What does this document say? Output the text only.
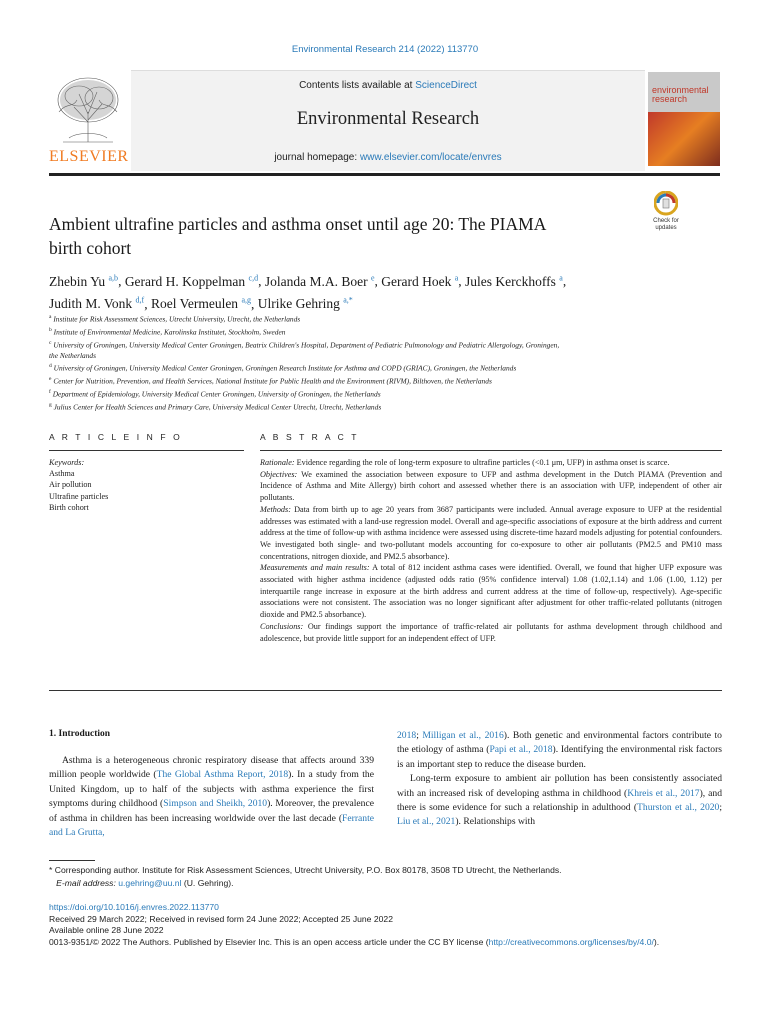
Environmental Research 214 (2022) 113770
ELSEVIER
Contents lists available at ScienceDirect
Environmental Research
journal homepage: www.elsevier.com/locate/envres
environmental
research
Ambient ultrafine particles and asthma onset until age 20: The PIAMA
birth cohort
Check for
updates
Zhebin Yu $^{a,b}$, Gerard H. Koppelman $^{c,d}$, Jolanda M.A. Boer $^e$, Gerard Hoek $^a$, Jules Kerckhoffs $^a$,
Judith M. Vonk $^{d,f}$, Roel Vermeulen $^{a,g}$, Ulrike Gehring $^{a,*}$
$^a$ Institute for Risk Assessment Sciences, Utrecht University, Utrecht, the Netherlands
$^b$ Institute of Environmental Medicine, Karolinska Institutet, Stockholm, Sweden
$^c$ University of Groningen, University Medical Center Groningen, Beatrix Children's Hospital, Department of Pediatric Pulmonology and Pediatric Allergology, Groningen,
the Netherlands
$^d$ University of Groningen, University Medical Center Groningen, Groningen Research Institute for Asthma and COPD (GRIAC), Groningen, the Netherlands
$^e$ Center for Nutrition, Prevention, and Health Services, National Institute for Public Health and the Environment (RIVM), Bilthoven, the Netherlands
$^f$ Department of Epidemiology, University Medical Center Groningen, University of Groningen, the Netherlands
$^g$ Julius Center for Health Sciences and Primary Care, University Medical Center Utrecht, Utrecht, Netherlands
A R T I C L E I N F O	A B S T R A C T
Keywords:
Asthma
Air pollution
Ultrafine particles
Birth cohort

Rationale: Evidence regarding the role of long-term exposure to ultrafine particles (<0.1 μm, UFP) in asthma onset is scarce.

Objectives: We examined the association between exposure to UFP and asthma development in the Dutch PIAMA (Prevention and Incidence of Asthma and Mite Allergy) birth cohort and assessed whether there is an association with UFP, independent of other air pollutants.

Methods: Data from birth up to age 20 years from 3687 participants were included. Annual average exposure to UFP at the residential addresses was estimated with a land-use regression model. Overall and age-specific associations of exposure at the birth address and current address at the time of follow-up with asthma incidence were assessed using discrete-time hazard models adjusting for potential confounders. We investigated both single- and two-pollutant models accounting for co-exposure to other air pollutants (PM2.5 and PM10 mass concentrations, nitrogen dioxide, and PM2.5 absorbance).

Measurements and main results: A total of 812 incident asthma cases were identified. Overall, we found that higher UFP exposure was associated with higher asthma incidence (adjusted odds ratio (95% confidence interval) 1.08 (1.02,1.14) and 1.06 (1.00, 1.12) per interquartile range increase in exposure at the birth address and current address at the time of follow-up, respectively). Age-specific associations were not consistent. The association was no longer significant after adjustment for other traffic-related pollutants (nitrogen dioxide and PM2.5 absorbance).

Conclusions: Our findings support the importance of traffic-related air pollutants for asthma development through childhood and adolescence, but provide little support for an independent effect of UFP.

1. Introduction

Asthma is a heterogeneous chronic respiratory disease that affects around 339 million people worldwide (The Global Asthma Report, 2018). In a study from the United Kingdom, up to half of the subjects with asthma experience the first symptoms during childhood (Simpson and Sheikh, 2010). Moreover, the prevalence of asthma in children has been increasing worldwide over the last decade (Ferrante and La Grutta,

2018; Milligan et al., 2016). Both genetic and environmental factors contribute to the etiology of asthma (Papi et al., 2018). Identifying the environmental risk factors is an important step to reduce the disease burden.

Long-term exposure to ambient air pollution has been consistently associated with an increased risk of developing asthma in childhood (Khreis et al., 2017), and there is some evidence for such a relationship in adulthood (Thurston et al., 2020; Liu et al., 2021). Relationships with

* Corresponding author. Institute for Risk Assessment Sciences, Utrecht University, P.O. Box 80178, 3508 TD Utrecht, the Netherlands.
E-mail address: u.gehring@uu.nl (U. Gehring).
https://doi.org/10.1016/j.envres.2022.113770
Received 29 March 2022; Received in revised form 24 June 2022; Accepted 25 June 2022
Available online 28 June 2022
0013-9351/© 2022 The Authors. Published by Elsevier Inc. This is an open access article under the CC BY license (http://creativecommons.org/licenses/by/4.0/).
